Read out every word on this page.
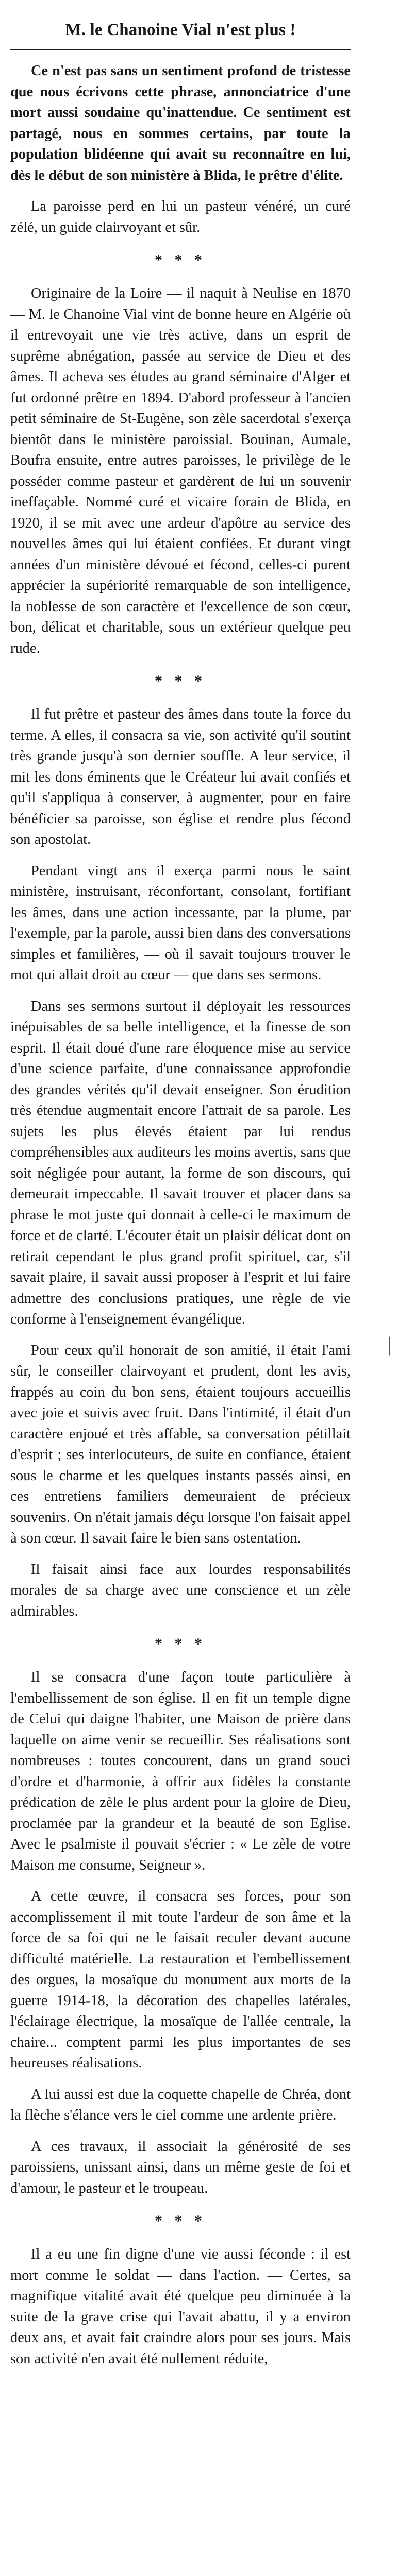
M. le Chanoine Vial n'est plus !

Ce n'est pas sans un sentiment profond de tristesse que nous écrivons cette phrase, annonciatrice d'une mort aussi soudaine qu'inattendue. Ce sentiment est partagé, nous en sommes certains, par toute la population blidéenne qui avait su reconnaître en lui, dès le début de son ministère à Blida, le prêtre d'élite.

La paroisse perd en lui un pasteur vénéré, un curé zélé, un guide clairvoyant et sûr.

* * *

Originaire de la Loire — il naquit à Neulise en 1870 — M. le Chanoine Vial vint de bonne heure en Algérie où il entrevoyait une vie très active, dans un esprit de suprême abnégation, passée au service de Dieu et des âmes. Il acheva ses études au grand séminaire d'Alger et fut ordonné prêtre en 1894. D'abord professeur à l'ancien petit séminaire de St-Eugène, son zèle sacerdotal s'exerça bientôt dans le ministère paroissial. Bouinan, Aumale, Boufra ensuite, entre autres paroisses, le privilège de le posséder comme pasteur et gardèrent de lui un souvenir ineffaçable. Nommé curé et vicaire forain de Blida, en 1920, il se mit avec une ardeur d'apôtre au service des nouvelles âmes qui lui étaient confiées. Et durant vingt années d'un ministère dévoué et fécond, celles-ci purent apprécier la supériorité remarquable de son intelligence, la noblesse de son caractère et l'excellence de son cœur, bon, délicat et charitable, sous un extérieur quelque peu rude.

* * *

Il fut prêtre et pasteur des âmes dans toute la force du terme. A elles, il consacra sa vie, son activité qu'il soutint très grande jusqu'à son dernier souffle. A leur service, il mit les dons éminents que le Créateur lui avait confiés et qu'il s'appliqua à conserver, à augmenter, pour en faire bénéficier sa paroisse, son église et rendre plus fécond son apostolat.

Pendant vingt ans il exerça parmi nous le saint ministère, instruisant, réconfortant, consolant, fortifiant les âmes, dans une action incessante, par la plume, par l'exemple, par la parole, aussi bien dans des conversations simples et familières, — où il savait toujours trouver le mot qui allait droit au cœur — que dans ses sermons.

Dans ses sermons surtout il déployait les ressources inépuisables de sa belle intelligence, et la finesse de son esprit. Il était doué d'une rare éloquence mise au service d'une science parfaite, d'une connaissance approfondie des grandes vérités qu'il devait enseigner. Son érudition très étendue augmentait encore l'attrait de sa parole. Les sujets les plus élevés étaient par lui rendus compréhensibles aux auditeurs les moins avertis, sans que soit négligée pour autant, la forme de son discours, qui demeurait impeccable. Il savait trouver et placer dans sa phrase le mot juste qui donnait à celle-ci le maximum de force et de clarté. L'écouter était un plaisir délicat dont on retirait cependant le plus grand profit spirituel, car, s'il savait plaire, il savait aussi proposer à l'esprit et lui faire admettre des conclusions pratiques, une règle de vie conforme à l'enseignement évangélique.

Pour ceux qu'il honorait de son amitié, il était l'ami sûr, le conseiller clairvoyant et prudent, dont les avis, frappés au coin du bon sens, étaient toujours accueillis avec joie et suivis avec fruit. Dans l'intimité, il était d'un caractère enjoué et très affable, sa conversation pétillait d'esprit ; ses interlocuteurs, de suite en confiance, étaient sous le charme et les quelques instants passés ainsi, en ces entretiens familiers demeuraient de précieux souvenirs. On n'était jamais déçu lorsque l'on faisait appel à son cœur. Il savait faire le bien sans ostentation.

Il faisait ainsi face aux lourdes responsabilités morales de sa charge avec une conscience et un zèle admirables.

* * *

Il se consacra d'une façon toute particulière à l'embellissement de son église. Il en fit un temple digne de Celui qui daigne l'habiter, une Maison de prière dans laquelle on aime venir se recueillir. Ses réalisations sont nombreuses : toutes concourent, dans un grand souci d'ordre et d'harmonie, à offrir aux fidèles la constante prédication de zèle le plus ardent pour la gloire de Dieu, proclamée par la grandeur et la beauté de son Eglise. Avec le psalmiste il pouvait s'écrier : « Le zèle de votre Maison me consume, Seigneur ».

A cette œuvre, il consacra ses forces, pour son accomplissement il mit toute l'ardeur de son âme et la force de sa foi qui ne le faisait reculer devant aucune difficulté matérielle. La restauration et l'embellissement des orgues, la mosaïque du monument aux morts de la guerre 1914-18, la décoration des chapelles latérales, l'éclairage électrique, la mosaïque de l'allée centrale, la chaire... comptent parmi les plus importantes de ses heureuses réalisations.

A lui aussi est due la coquette chapelle de Chréa, dont la flèche s'élance vers le ciel comme une ardente prière.

A ces travaux, il associait la générosité de ses paroissiens, unissant ainsi, dans un même geste de foi et d'amour, le pasteur et le troupeau.

* * *

Il a eu une fin digne d'une vie aussi féconde : il est mort comme le soldat — dans l'action. — Certes, sa magnifique vitalité avait été quelque peu diminuée à la suite de la grave crise qui l'avait abattu, il y a environ deux ans, et avait fait craindre alors pour ses jours. Mais son activité n'en avait été nullement réduite,

|
